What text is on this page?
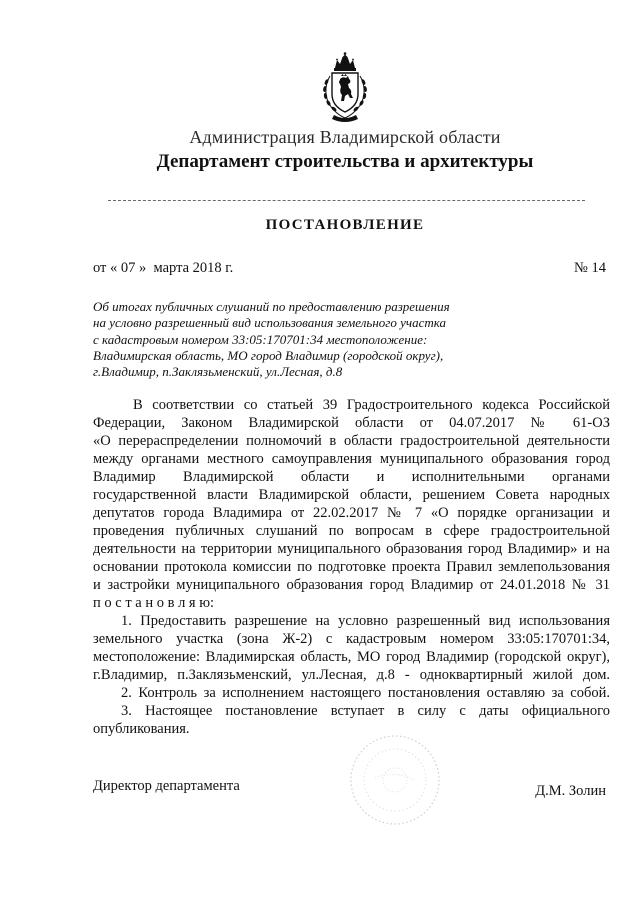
Администрация Владимирской области
Департамент строительства и архитектуры
ПОСТАНОВЛЕНИЕ
от « 07 »  марта 2018 г.	№ 14
Об итогах публичных слушаний по предоставлению разрешения
на условно разрешенный вид использования земельного участка
с кадастровым номером 33:05:170701:34 местоположение:
Владимирская область, МО город Владимир (городской округ),
г.Владимир, п.Заклязьменский, ул.Лесная, д.8
В соответствии со статьей 39 Градостроительного кодекса Российской
Федерации, Законом Владимирской области от 04.07.2017 № 61-ОЗ
«О перераспределении полномочий в области градостроительной деятельности
между органами местного самоуправления муниципального образования город
Владимир Владимирской области и исполнительными органами
государственной власти Владимирской области, решением Совета народных
депутатов города Владимира от 22.02.2017 № 7 «О порядке организации и
проведения публичных слушаний по вопросам в сфере градостроительной
деятельности на территории муниципального образования город Владимир» и на
основании протокола комиссии по подготовке проекта Правил землепользования
и застройки муниципального образования город Владимир от 24.01.2018 № 31
п о с т а н о в л я ю:
1. Предоставить разрешение на условно разрешенный вид использования
земельного участка (зона Ж-2) с кадастровым номером 33:05:170701:34,
местоположение: Владимирская область, МО город Владимир (городской округ),
г.Владимир, п.Заклязьменский, ул.Лесная, д.8 - одноквартирный жилой дом.
2. Контроль за исполнением настоящего постановления оставляю за собой.
3. Настоящее постановление вступает в силу с даты официального
опубликования.
Директор департамента	Д.М. Золин
